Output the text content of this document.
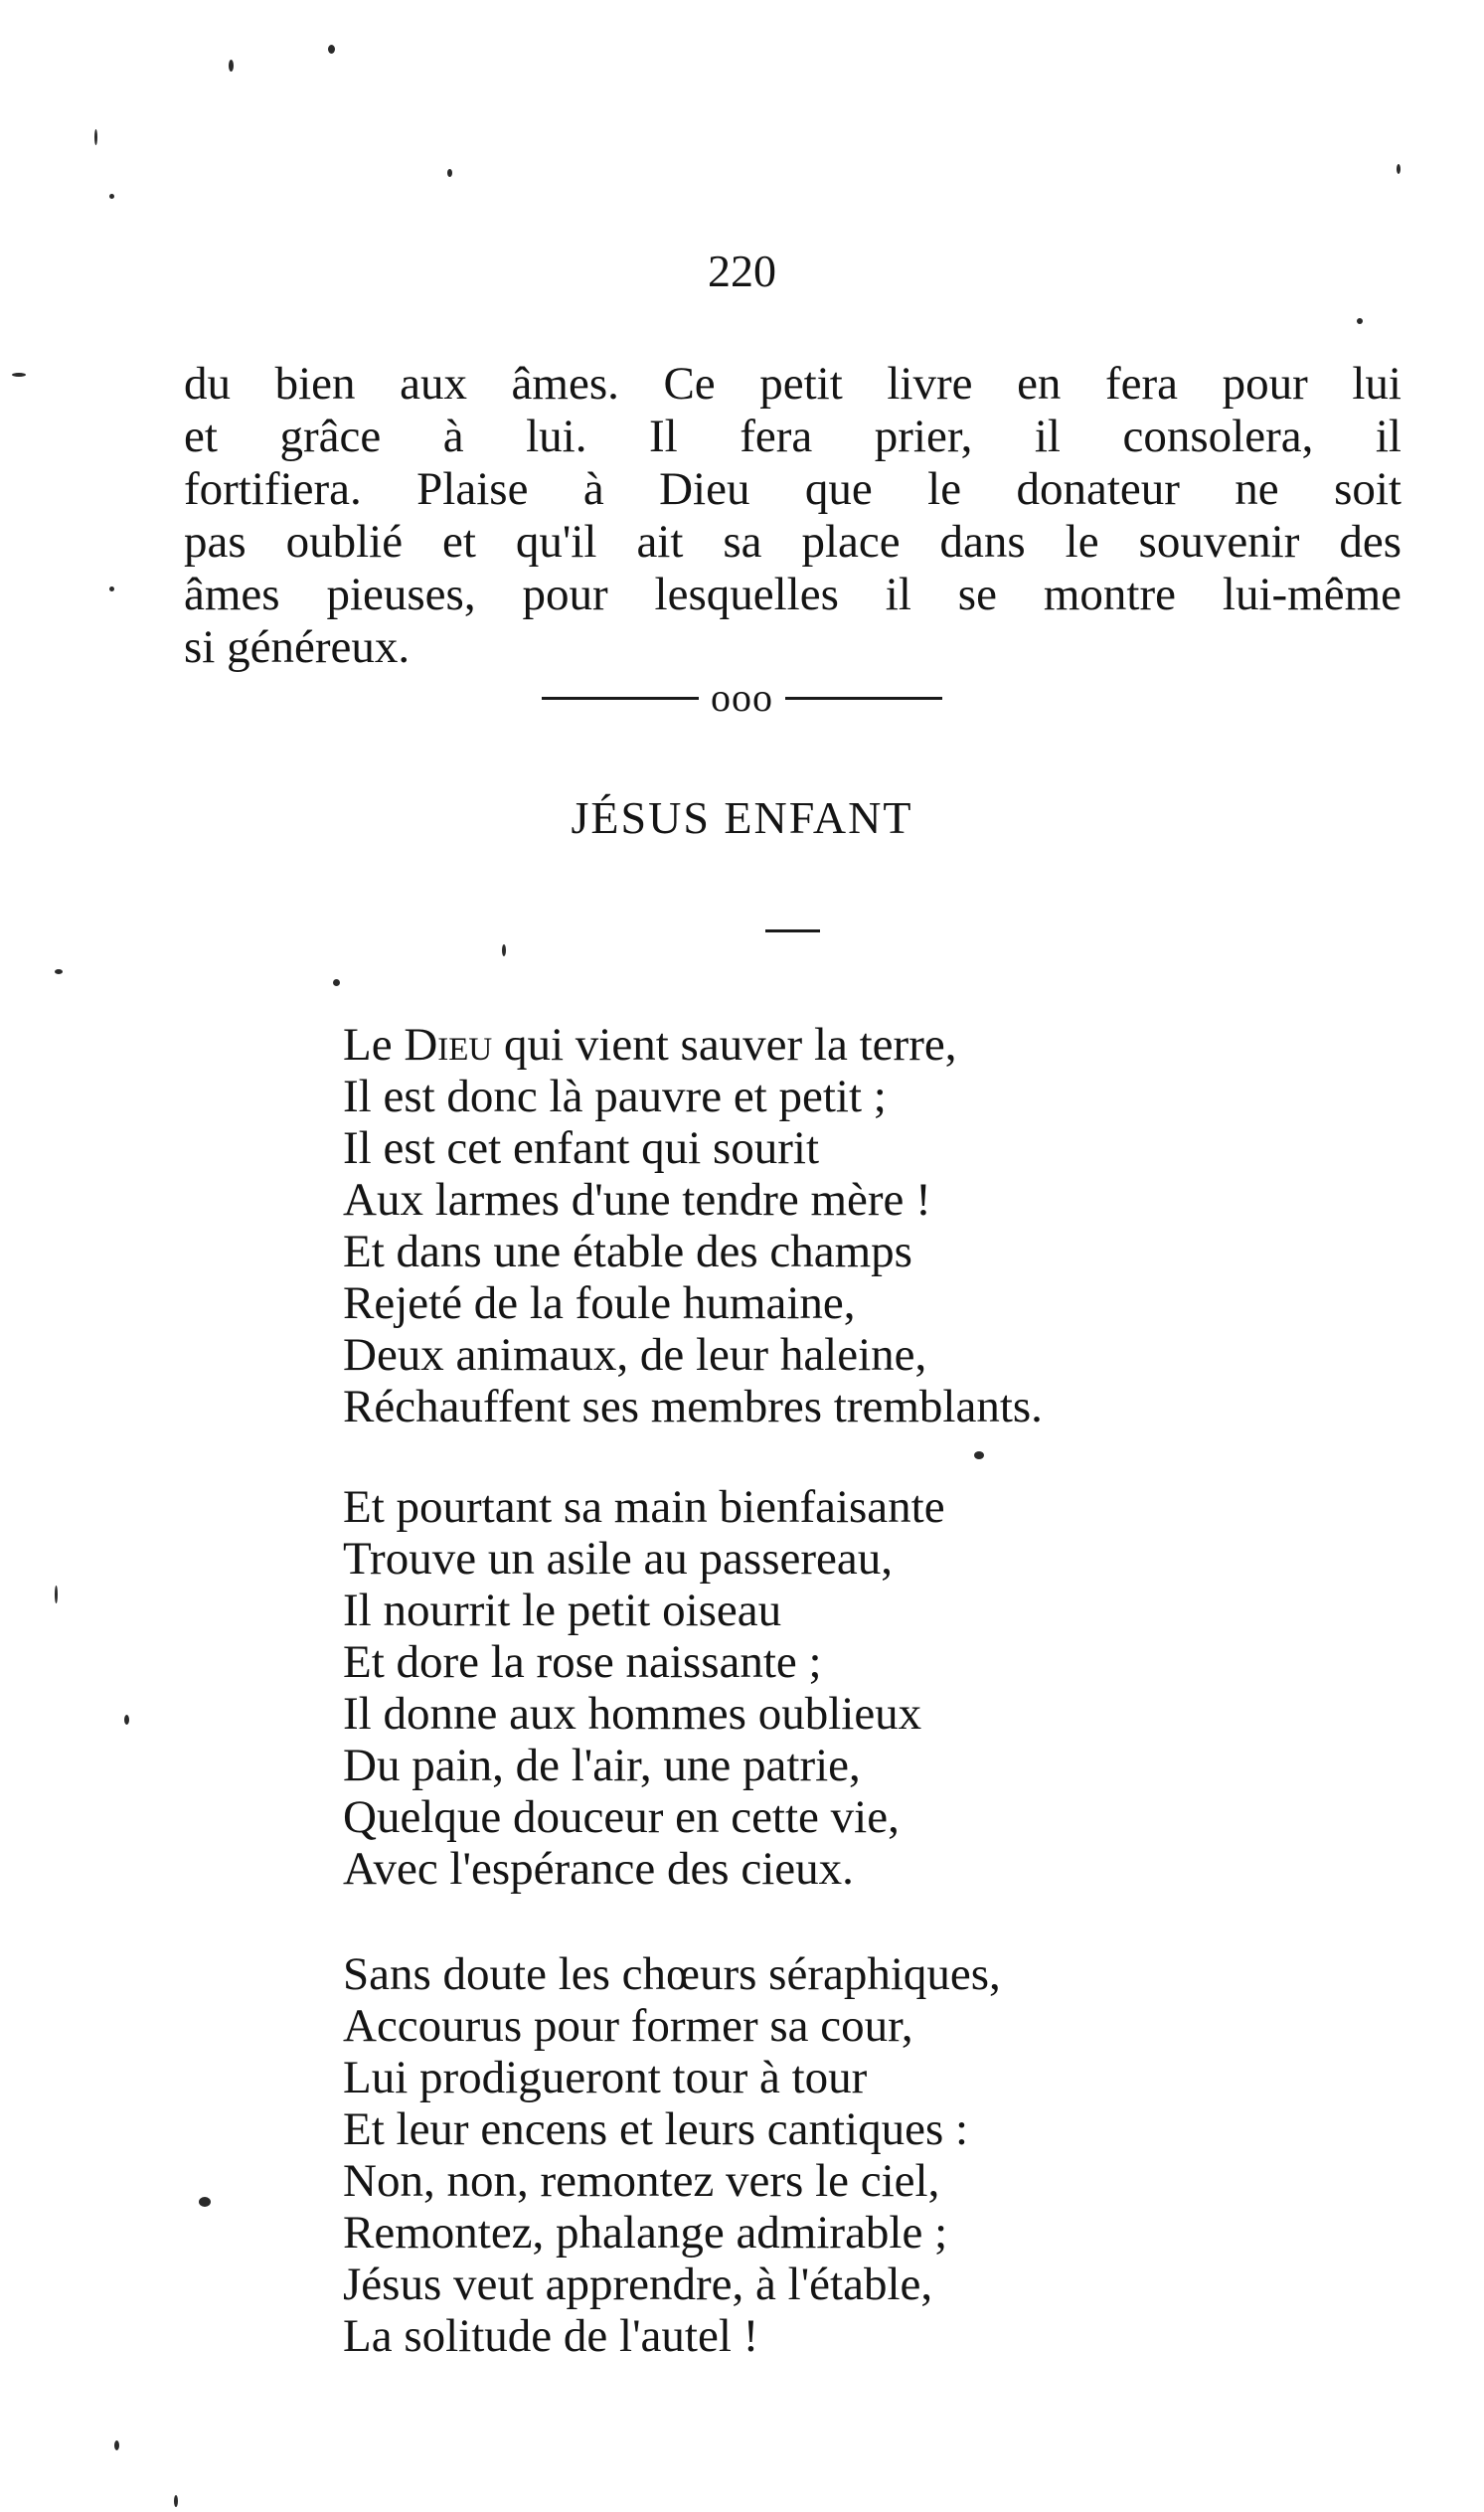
220
du bien aux âmes. Ce petit livre en fera pour lui
et grâce à lui. Il fera prier, il consolera, il
fortifiera. Plaise à Dieu que le donateur ne soit
pas oublié et qu'il ait sa place dans le souvenir des
âmes pieuses, pour lesquelles il se montre lui-même
si généreux.
ooo
JÉSUS ENFANT
Le Dieu qui vient sauver la terre,
Il est donc là pauvre et petit ;
Il est cet enfant qui sourit
Aux larmes d'une tendre mère !
Et dans une étable des champs
Rejeté de la foule humaine,
Deux animaux, de leur haleine,
Réchauffent ses membres tremblants.
Et pourtant sa main bienfaisante
Trouve un asile au passereau,
Il nourrit le petit oiseau
Et dore la rose naissante ;
Il donne aux hommes oublieux
Du pain, de l'air, une patrie,
Quelque douceur en cette vie,
Avec l'espérance des cieux.
Sans doute les chœurs séraphiques,
Accourus pour former sa cour,
Lui prodigueront tour à tour
Et leur encens et leurs cantiques :
Non, non, remontez vers le ciel,
Remontez, phalange admirable ;
Jésus veut apprendre, à l'étable,
La solitude de l'autel !
